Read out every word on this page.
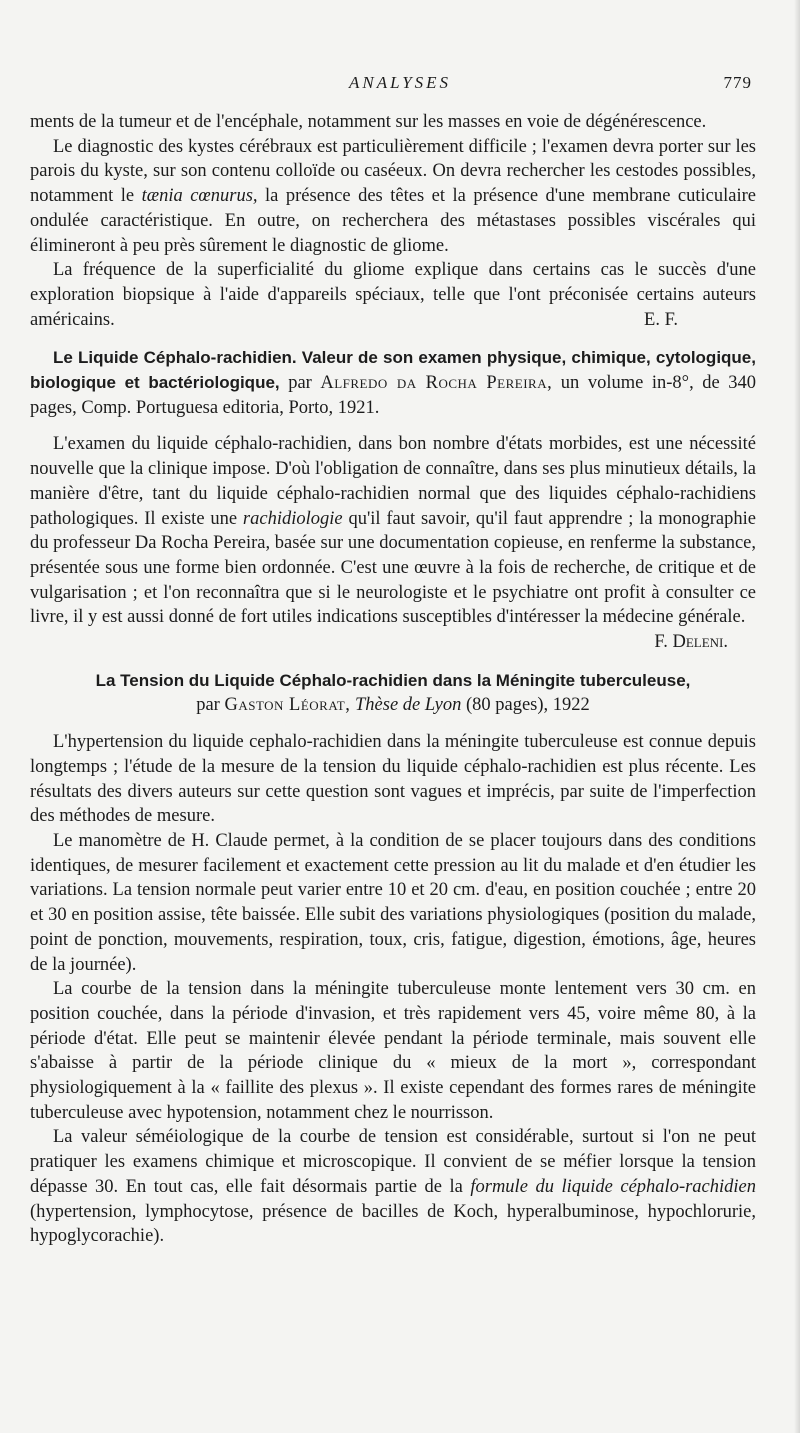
ANALYSES	779

ments de la tumeur et de l'encéphale, notamment sur les masses en voie de dégénérescence.

Le diagnostic des kystes cérébraux est particulièrement difficile ; l'examen devra porter sur les parois du kyste, sur son contenu colloïde ou caséeux. On devra rechercher les cestodes possibles, notamment le tænia cœnurus, la présence des têtes et la présence d'une membrane cuticulaire ondulée caractéristique. En outre, on recherchera des métastases possibles viscérales qui élimineront à peu près sûrement le diagnostic de gliome.

La fréquence de la superficialité du gliome explique dans certains cas le succès d'une exploration biopsique à l'aide d'appareils spéciaux, telle que l'ont préconisée certains auteurs américains.	E. F.

Le Liquide Céphalo-rachidien. Valeur de son examen physique, chimique, cytologique, biologique et bactériologique, par Alfredo da Rocha Pereira, un volume in-8°, de 340 pages, Comp. Portuguesa editoria, Porto, 1921.

L'examen du liquide céphalo-rachidien, dans bon nombre d'états morbides, est une nécessité nouvelle que la clinique impose. D'où l'obligation de connaître, dans ses plus minutieux détails, la manière d'être, tant du liquide céphalo-rachidien normal que des liquides céphalo-rachidiens pathologiques. Il existe une rachidiologie qu'il faut savoir, qu'il faut apprendre ; la monographie du professeur Da Rocha Pereira, basée sur une documentation copieuse, en renferme la substance, présentée sous une forme bien ordonnée. C'est une œuvre à la fois de recherche, de critique et de vulgarisation ; et l'on reconnaîtra que si le neurologiste et le psychiatre ont profit à consulter ce livre, il y est aussi donné de fort utiles indications susceptibles d'intéresser la médecine générale.

F. Deleni.

La Tension du Liquide Céphalo-rachidien dans la Méningite tuberculeuse,

par Gaston Léorat, Thèse de Lyon (80 pages), 1922

L'hypertension du liquide cephalo-rachidien dans la méningite tuberculeuse est connue depuis longtemps ; l'étude de la mesure de la tension du liquide céphalo-rachidien est plus récente. Les résultats des divers auteurs sur cette question sont vagues et imprécis, par suite de l'imperfection des méthodes de mesure.

Le manomètre de H. Claude permet, à la condition de se placer toujours dans des conditions identiques, de mesurer facilement et exactement cette pression au lit du malade et d'en étudier les variations. La tension normale peut varier entre 10 et 20 cm. d'eau, en position couchée ; entre 20 et 30 en position assise, tête baissée. Elle subit des variations physiologiques (position du malade, point de ponction, mouvements, respiration, toux, cris, fatigue, digestion, émotions, âge, heures de la journée).

La courbe de la tension dans la méningite tuberculeuse monte lentement vers 30 cm. en position couchée, dans la période d'invasion, et très rapidement vers 45, voire même 80, à la période d'état. Elle peut se maintenir élevée pendant la période terminale, mais souvent elle s'abaisse à partir de la période clinique du « mieux de la mort », correspondant physiologiquement à la « faillite des plexus ». Il existe cependant des formes rares de méningite tuberculeuse avec hypotension, notamment chez le nourrisson.

La valeur séméiologique de la courbe de tension est considérable, surtout si l'on ne peut pratiquer les examens chimique et microscopique. Il convient de se méfier lorsque la tension dépasse 30. En tout cas, elle fait désormais partie de la formule du liquide céphalo-rachidien (hypertension, lymphocytose, présence de bacilles de Koch, hyperalbuminose, hypochlorurie, hypoglycorachie).
